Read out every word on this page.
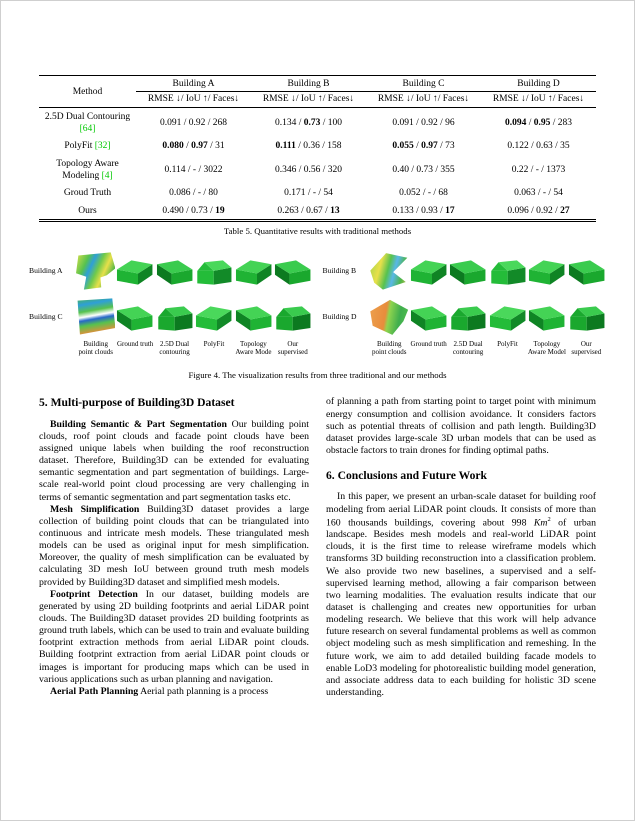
Method	Building A	Building B	Building C	Building D
	RMSE ↓/ IoU ↑/ Faces↓	RMSE ↓/ IoU ↑/ Faces↓	RMSE ↓/ IoU ↑/ Faces↓	RMSE ↓/ IoU ↑/ Faces↓
2.5D Dual Contouring [64]	0.091 / 0.92 / 268	0.134 / 0.73 / 100	0.091 / 0.92 / 96	0.094 / 0.95 / 283
PolyFit [32]	0.080 / 0.97 / 31	0.111 / 0.36 / 158	0.055 / 0.97 / 73	0.122 / 0.63 / 35
Topology Aware Modeling [4]	0.114 / - / 3022	0.346 / 0.56 / 320	0.40 / 0.73 / 355	0.22 / - / 1373
Groud Truth	0.086 / - / 80	0.171 / - / 54	0.052 / - / 68	0.063 / - / 54
Ours	0.490 / 0.73 / 19	0.263 / 0.67 / 13	0.133 / 0.93 / 17	0.096 / 0.92 / 27
Table 5. Quantitative results with traditional methods
Building A
Building C
Building point clouds
Ground truth 2.5D Dual contouring
PolyFit	Topology Aware Mode
Our supervised
Building B
Building D
Building point clouds
Ground truth 2.5D Dual contouring
PolyFit	Topology Aware Model
Our supervised
Figure 4. The visualization results from three traditional and our methods
5. Multi-purpose of Building3D Dataset

Building Semantic & Part Segmentation Our building point clouds, roof point clouds and facade point clouds have been assigned unique labels when building the roof reconstruction dataset. Therefore, Building3D can be extended for evaluating semantic segmentation and part segmentation of buildings. Large-scale real-world point cloud processing are very challenging in terms of semantic segmentation and part segmentation tasks etc.

Mesh Simplification Building3D dataset provides a large collection of building point clouds that can be triangulated into continuous and intricate mesh models. These triangulated mesh models can be used as original input for mesh simplification. Moreover, the quality of mesh simplification can be evaluated by calculating 3D mesh IoU between ground truth mesh models provided by Building3D dataset and simplified mesh models.

Footprint Detection In our dataset, building models are generated by using 2D building footprints and aerial LiDAR point clouds. The Building3D dataset provides 2D building footprints as ground truth labels, which can be used to train and evaluate building footprint extraction methods from aerial LiDAR point clouds. Building footprint extraction from aerial LiDAR point clouds or images is important for producing maps which can be used in various applications such as urban planning and navigation.

Aerial Path Planning Aerial path planning is a process

of planning a path from starting point to target point with minimum energy consumption and collision avoidance. It considers factors such as potential threats of collision and path length. Building3D dataset provides large-scale 3D urban models that can be used as obstacle factors to train drones for finding optimal paths.

6. Conclusions and Future Work

In this paper, we present an urban-scale dataset for building roof modeling from aerial LiDAR point clouds. It consists of more than 160 thousands buildings, covering about 998 Km$^2$ of urban landscape. Besides mesh models and real-world LiDAR point clouds, it is the first time to release wireframe models which transforms 3D building reconstruction into a classification problem. We also provide two new baselines, a supervised and a self-supervised learning method, allowing a fair comparison between two learning modalities. The evaluation results indicate that our dataset is challenging and creates new opportunities for urban modeling research. We believe that this work will help advance future research on several fundamental problems as well as common object modeling such as mesh simplification and remeshing. In the future work, we aim to add detailed building facade models to enable LoD3 modeling for photorealistic building model generation, and associate address data to each building for holistic 3D scene understanding.
